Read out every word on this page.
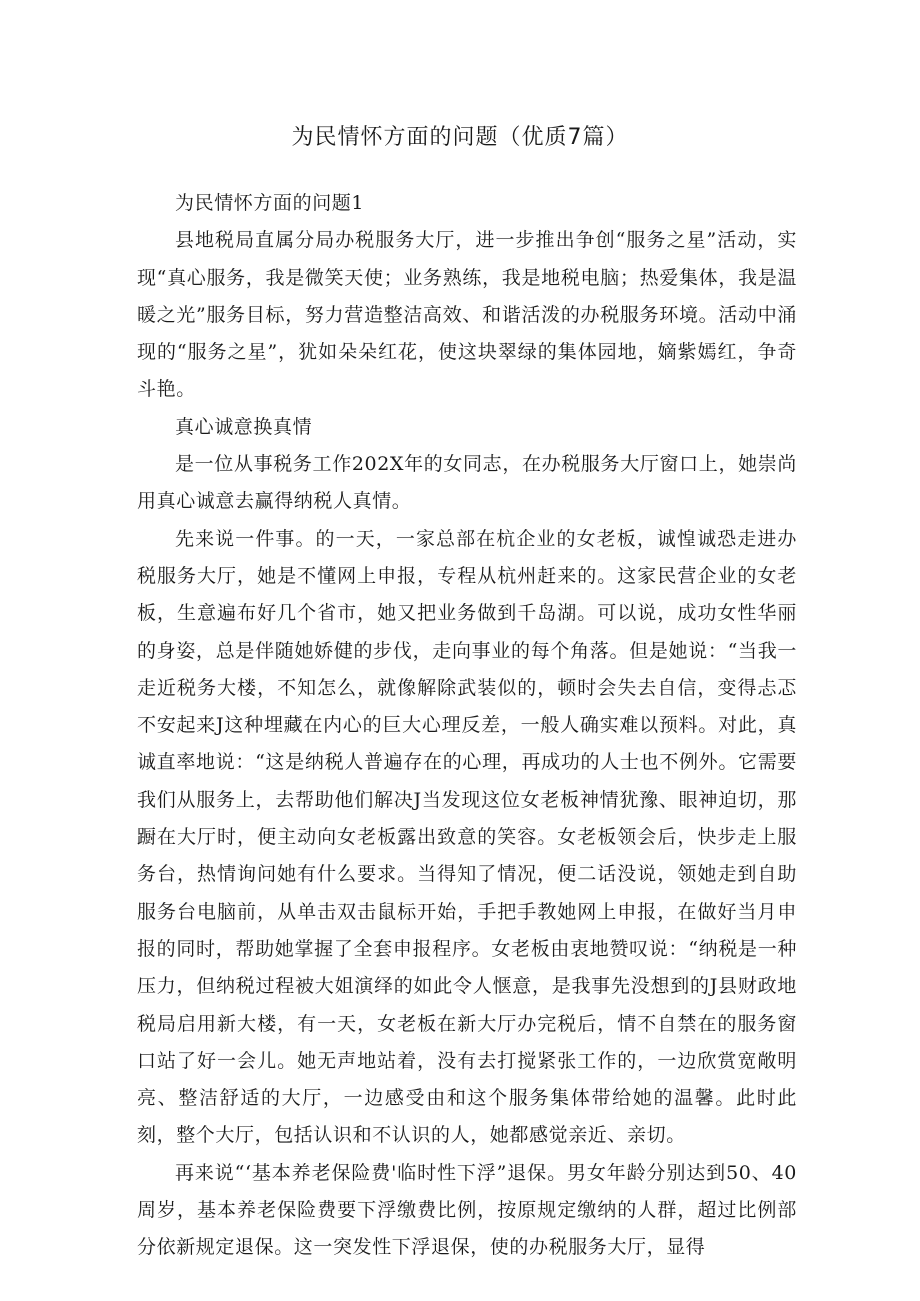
为民情怀方面的问题（优质7篇）

为民情怀方面的问题1

县地税局直属分局办税服务大厅，进一步推出争创“服务之星”活动，实现“真心服务，我是微笑天使；业务熟练，我是地税电脑；热爱集体，我是温暖之光”服务目标，努力营造整洁高效、和谐活泼的办税服务环境。活动中涌现的“服务之星”，犹如朵朵红花，使这块翠绿的集体园地，嫡紫嫣红，争奇斗艳。

真心诚意换真情

是一位从事税务工作202X年的女同志，在办税服务大厅窗口上，她崇尚用真心诚意去赢得纳税人真情。

先来说一件事。的一天，一家总部在杭企业的女老板，诚惶诚恐走进办税服务大厅，她是不懂网上申报，专程从杭州赶来的。这家民营企业的女老板，生意遍布好几个省市，她又把业务做到千岛湖。可以说，成功女性华丽的身姿，总是伴随她娇健的步伐，走向事业的每个角落。但是她说：“当我一走近税务大楼，不知怎么，就像解除武装似的，顿时会失去自信，变得忐忑不安起来J这种埋藏在内心的巨大心理反差，一般人确实难以预料。对此，真诚直率地说：“这是纳税人普遍存在的心理，再成功的人士也不例外。它需要我们从服务上，去帮助他们解决J当发现这位女老板神情犹豫、眼神迫切，那蹰在大厅时，便主动向女老板露出致意的笑容。女老板领会后，快步走上服务台，热情询问她有什么要求。当得知了情况，便二话没说，领她走到自助服务台电脑前，从单击双击鼠标开始，手把手教她网上申报，在做好当月申报的同时，帮助她掌握了全套申报程序。女老板由衷地赞叹说：“纳税是一种压力，但纳税过程被大姐演绎的如此令人惬意，是我事先没想到的J县财政地税局启用新大楼，有一天，女老板在新大厅办完税后，情不自禁在的服务窗口站了好一会儿。她无声地站着，没有去打搅紧张工作的，一边欣赏宽敞明亮、整洁舒适的大厅，一边感受由和这个服务集体带给她的温馨。此时此刻，整个大厅，包括认识和不认识的人，她都感觉亲近、亲切。

再来说“‘基本养老保险费'临时性下浮”退保。男女年龄分别达到50、40周岁，基本养老保险费要下浮缴费比例，按原规定缴纳的人群，超过比例部分依新规定退保。这一突发性下浮退保，使的办税服务大厅，显得
